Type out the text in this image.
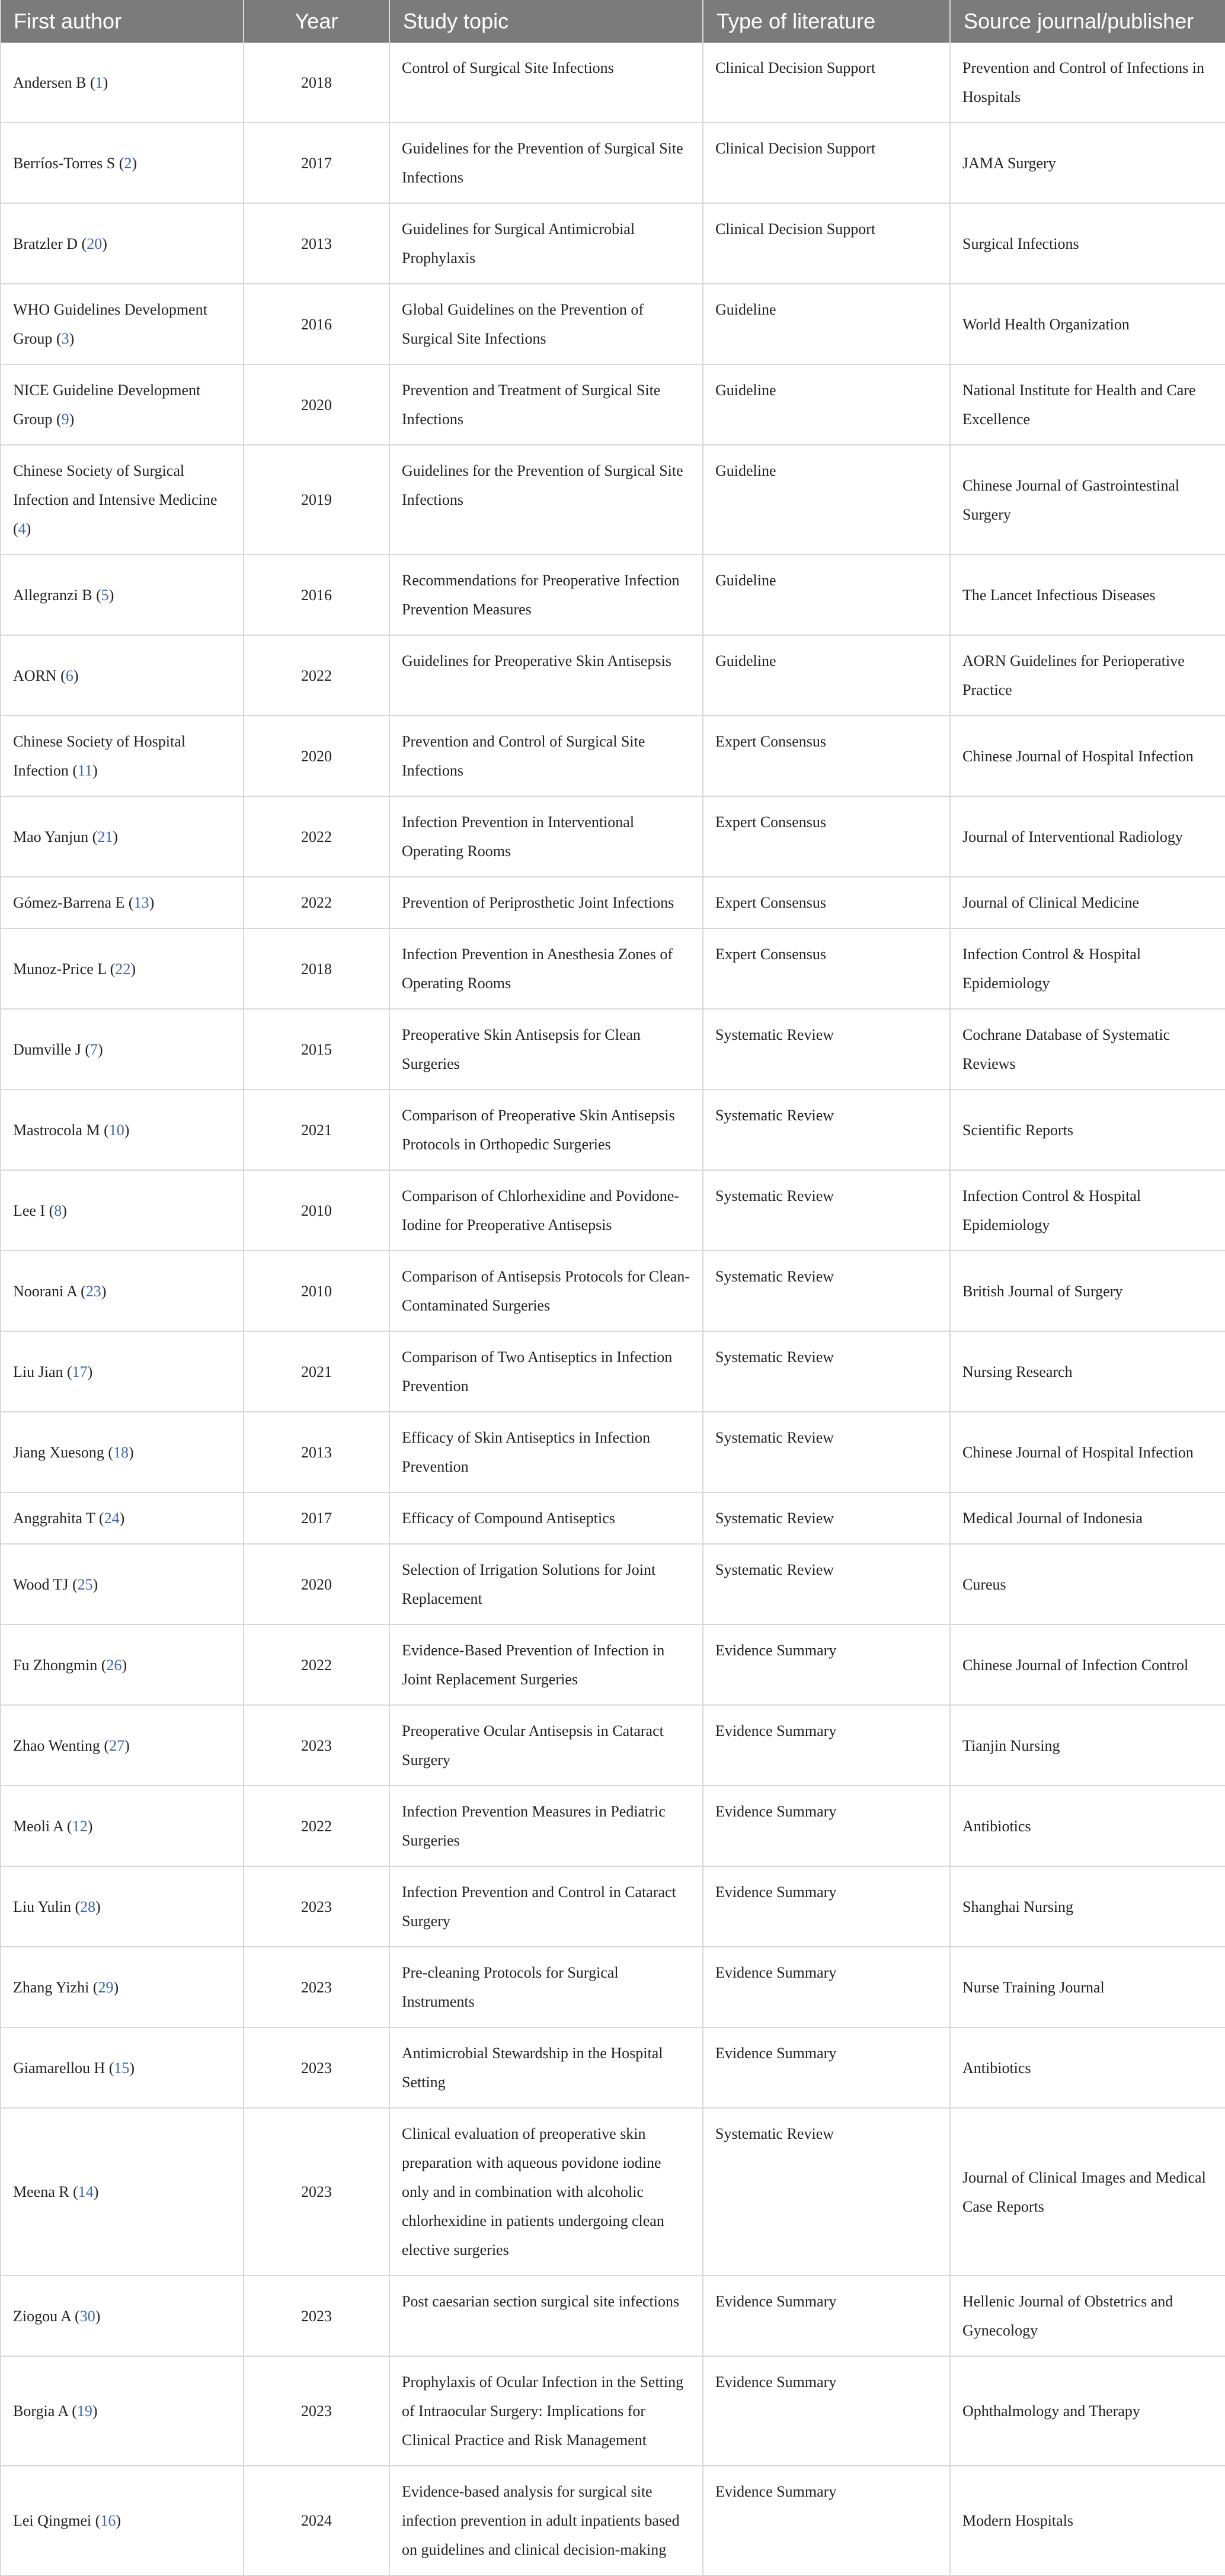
First author	Year	Study topic	Type of literature	Source journal/publisher
Andersen B (1)	2018	Control of Surgical Site Infections	Clinical Decision Support	Prevention and Control of Infections in Hospitals
Berríos-Torres S (2)	2017	Guidelines for the Prevention of Surgical Site Infections	Clinical Decision Support	JAMA Surgery
Bratzler D (20)	2013	Guidelines for Surgical Antimicrobial Prophylaxis	Clinical Decision Support	Surgical Infections
WHO Guidelines Development Group (3)	2016	Global Guidelines on the Prevention of Surgical Site Infections	Guideline	World Health Organization
NICE Guideline Development Group (9)	2020	Prevention and Treatment of Surgical Site Infections	Guideline	National Institute for Health and Care Excellence
Chinese Society of Surgical Infection and Intensive Medicine (4)	2019	Guidelines for the Prevention of Surgical Site Infections	Guideline	Chinese Journal of Gastrointestinal Surgery
Allegranzi B (5)	2016	Recommendations for Preoperative Infection Prevention Measures	Guideline	The Lancet Infectious Diseases
AORN (6)	2022	Guidelines for Preoperative Skin Antisepsis	Guideline	AORN Guidelines for Perioperative Practice
Chinese Society of Hospital Infection (11)	2020	Prevention and Control of Surgical Site Infections	Expert Consensus	Chinese Journal of Hospital Infection
Mao Yanjun (21)	2022	Infection Prevention in Interventional Operating Rooms	Expert Consensus	Journal of Interventional Radiology
Gómez-Barrena E (13)	2022	Prevention of Periprosthetic Joint Infections	Expert Consensus	Journal of Clinical Medicine
Munoz-Price L (22)	2018	Infection Prevention in Anesthesia Zones of Operating Rooms	Expert Consensus	Infection Control & Hospital Epidemiology
Dumville J (7)	2015	Preoperative Skin Antisepsis for Clean Surgeries	Systematic Review	Cochrane Database of Systematic Reviews
Mastrocola M (10)	2021	Comparison of Preoperative Skin Antisepsis Protocols in Orthopedic Surgeries	Systematic Review	Scientific Reports
Lee I (8)	2010	Comparison of Chlorhexidine and Povidone-Iodine for Preoperative Antisepsis	Systematic Review	Infection Control & Hospital Epidemiology
Noorani A (23)	2010	Comparison of Antisepsis Protocols for Clean-Contaminated Surgeries	Systematic Review	British Journal of Surgery
Liu Jian (17)	2021	Comparison of Two Antiseptics in Infection Prevention	Systematic Review	Nursing Research
Jiang Xuesong (18)	2013	Efficacy of Skin Antiseptics in Infection Prevention	Systematic Review	Chinese Journal of Hospital Infection
Anggrahita T (24)	2017	Efficacy of Compound Antiseptics	Systematic Review	Medical Journal of Indonesia
Wood TJ (25)	2020	Selection of Irrigation Solutions for Joint Replacement	Systematic Review	Cureus
Fu Zhongmin (26)	2022	Evidence-Based Prevention of Infection in Joint Replacement Surgeries	Evidence Summary	Chinese Journal of Infection Control
Zhao Wenting (27)	2023	Preoperative Ocular Antisepsis in Cataract Surgery	Evidence Summary	Tianjin Nursing
Meoli A (12)	2022	Infection Prevention Measures in Pediatric Surgeries	Evidence Summary	Antibiotics
Liu Yulin (28)	2023	Infection Prevention and Control in Cataract Surgery	Evidence Summary	Shanghai Nursing
Zhang Yizhi (29)	2023	Pre-cleaning Protocols for Surgical Instruments	Evidence Summary	Nurse Training Journal
Giamarellou H (15)	2023	Antimicrobial Stewardship in the Hospital Setting	Evidence Summary	Antibiotics
Meena R (14)	2023	Clinical evaluation of preoperative skin preparation with aqueous povidone iodine only and in combination with alcoholic chlorhexidine in patients undergoing clean elective surgeries	Systematic Review	Journal of Clinical Images and Medical Case Reports
Ziogou A (30)	2023	Post caesarian section surgical site infections	Evidence Summary	Hellenic Journal of Obstetrics and Gynecology
Borgia A (19)	2023	Prophylaxis of Ocular Infection in the Setting of Intraocular Surgery: Implications for Clinical Practice and Risk Management	Evidence Summary	Ophthalmology and Therapy
Lei Qingmei (16)	2024	Evidence-based analysis for surgical site infection prevention in adult inpatients based on guidelines and clinical decision-making	Evidence Summary	Modern Hospitals
